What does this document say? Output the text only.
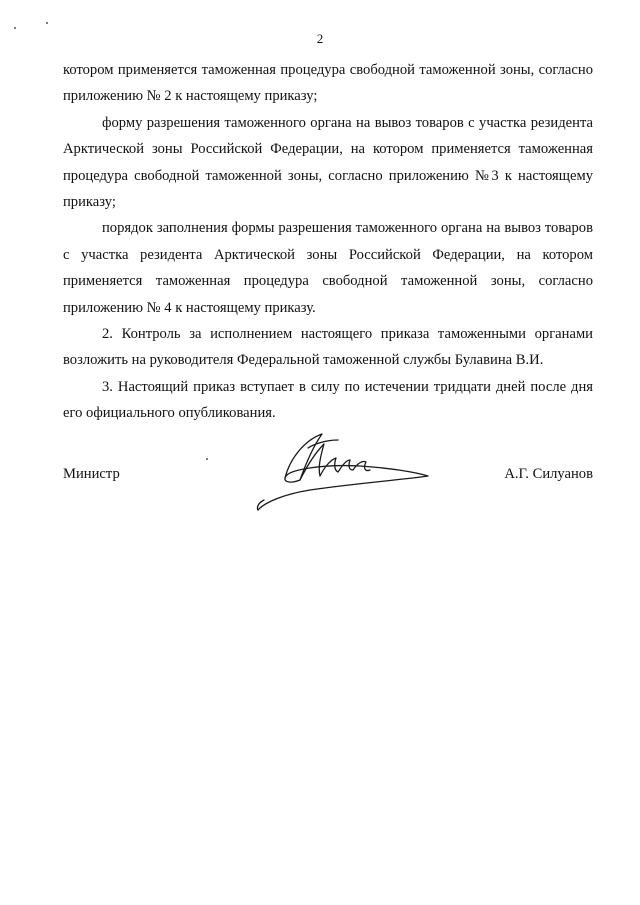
2

котором применяется таможенная процедура свободной таможенной зоны, согласно приложению № 2 к настоящему приказу;

форму разрешения таможенного органа на вывоз товаров с участка резидента Арктической зоны Российской Федерации, на котором применяется таможенная процедура свободной таможенной зоны, согласно приложению №3 к настоящему приказу;

порядок заполнения формы разрешения таможенного органа на вывоз товаров с участка резидента Арктической зоны Российской Федерации, на котором применяется таможенная процедура свободной таможенной зоны, согласно приложению № 4 к настоящему приказу.

2. Контроль за исполнением настоящего приказа таможенными органами возложить на руководителя Федеральной таможенной службы Булавина В.И.

3. Настоящий приказ вступает в силу по истечении тридцати дней после дня его официального опубликования.

Министр	А.Г. Силуанов
